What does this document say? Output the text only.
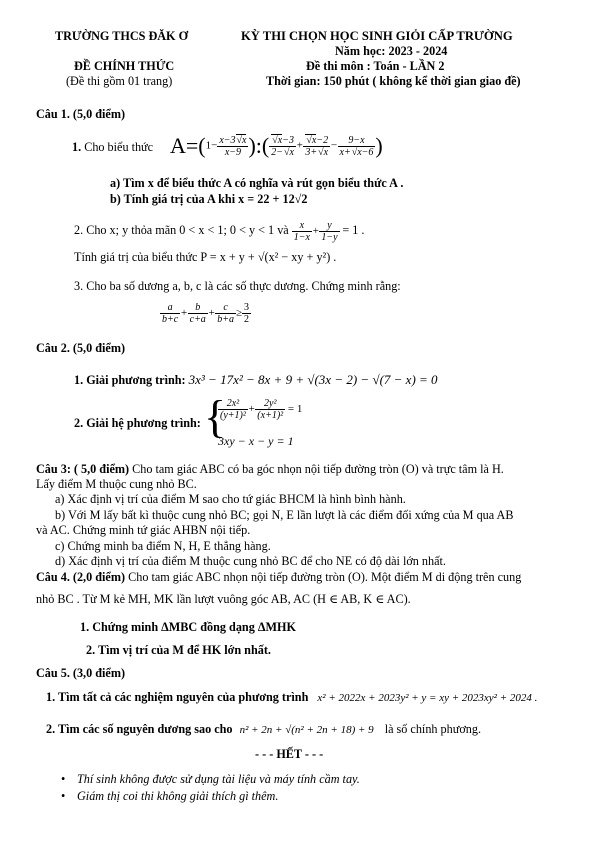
TRƯỜNG THCS ĐĂK Ơ	KỲ THI CHỌN HỌC SINH GIỎI CẤP TRƯỜNG
Năm học: 2023 - 2024
ĐỀ CHÍNH THỨC	Đề thi môn : Toán - LẦN 2
(Đề thi gồm 01 trang)	Thời gian: 150 phút ( không kể thời gian giao đề)
Câu 1. (5,0 điểm)
1. Cho biểu thức $A=(1- \frac{x-3 √ x}{x-9}$ ):( √ $\frac{x-3}{2- √ x}$ + √ $\frac{x-2}{3+ √ x} - \frac{9-x}{x+ √ x-6}$ )
a) Tìm x để biểu thức A có nghĩa và rút gọn biểu thức A .
b) Tính giá trị của A khi x = 22 + 12√2
2. Cho x; y thỏa mãn 0 < x < 1; 0 < y < 1 và $\frac{x}{1-x} + \frac{y}{1-y} = 1$ .
Tính giá trị của biểu thức P = x + y + √(x² − xy + y²) .
3. Cho ba số dương a, b, c là các số thực dương. Chứng minh rằng:
$\frac{a}{b+c} + \frac{b}{c+a} + \frac{c}{b+a} \ge \frac{3}{2}$
Câu 2. (5,0 điểm)
1. Giải phương trình: 3x³ − 17x² − 8x + 9 + √(3x − 2) − √(7 − x) = 0
2. Giải hệ phương trình: {
$\frac{\text{2x²}}{\text{(y+1)²}} + \frac{\text{2y²}}{\text{(x+1)²}} = 1$
3xy − x − y = 1
Câu 3: ( 5,0 điểm) Cho tam giác ABC có ba góc nhọn nội tiếp đường tròn (O) và trực tâm là H.
Lấy điểm M thuộc cung nhỏ BC.
a) Xác định vị trí của điểm M sao cho tứ giác BHCM là hình bình hành.
b) Với M lấy bất kì thuộc cung nhỏ BC; gọi N, E lần lượt là các điểm đối xứng của M qua AB
và AC. Chứng minh tứ giác AHBN nội tiếp.
c) Chứng minh ba điểm N, H, E thẳng hàng.
d) Xác định vị trí của điểm M thuộc cung nhỏ BC để cho NE có độ dài lớn nhất.
Câu 4. (2,0 điểm) Cho tam giác ABC nhọn nội tiếp đường tròn (O). Một điểm M di động trên cung
nhỏ BC . Từ M kẻ MH, MK lần lượt vuông góc AB, AC (H ∈ AB, K ∈ AC).
1. Chứng minh ΔMBC đồng dạng ΔMHK
2. Tìm vị trí của M để HK lớn nhất.
Câu 5. (3,0 điểm)
1. Tìm tất cả các nghiệm nguyên của phương trình x² + 2022x + 2023y² + y = xy + 2023xy² + 2024 .
2. Tìm các số nguyên dương sao cho n² + 2n + √(n² + 2n + 18) + 9 là số chính phương.
- - - HẾT - - -
• Thí sinh không được sử dụng tài liệu và máy tính cầm tay.
• Giám thị coi thi không giải thích gì thêm.
